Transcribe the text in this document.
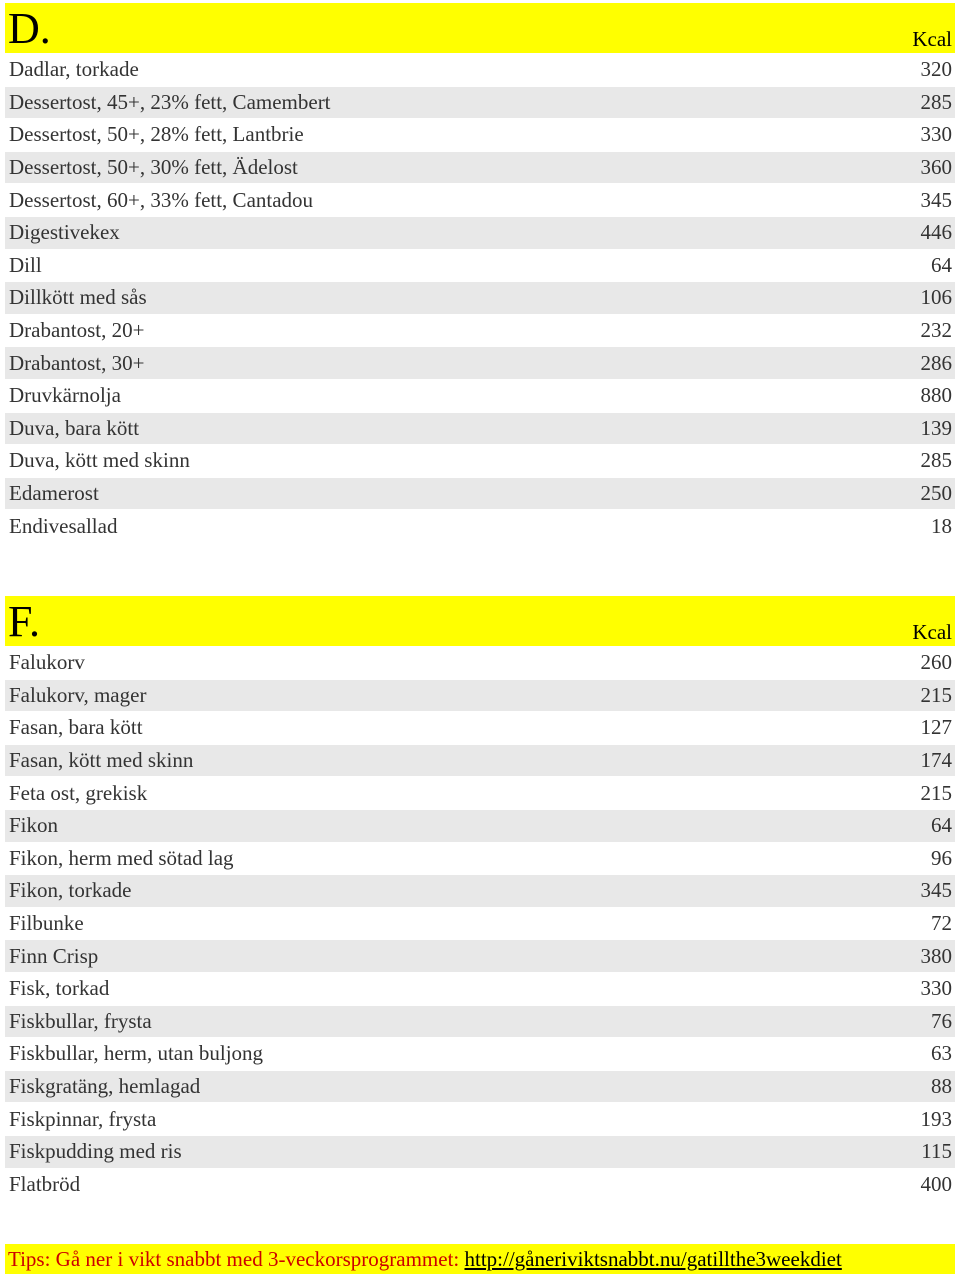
D.	Kcal
Dadlar, torkade	320
Dessertost, 45+, 23% fett, Camembert	285
Dessertost, 50+, 28% fett, Lantbrie	330
Dessertost, 50+, 30% fett, Ädelost	360
Dessertost, 60+, 33% fett, Cantadou	345
Digestivekex	446
Dill	64
Dillkött med sås	106
Drabantost, 20+	232
Drabantost, 30+	286
Druvkärnolja	880
Duva, bara kött	139
Duva, kött med skinn	285
Edamerost	250
Endivesallad	18
F.	Kcal
Falukorv	260
Falukorv, mager	215
Fasan, bara kött	127
Fasan, kött med skinn	174
Feta ost, grekisk	215
Fikon	64
Fikon, herm med sötad lag	96
Fikon, torkade	345
Filbunke	72
Finn Crisp	380
Fisk, torkad	330
Fiskbullar, frysta	76
Fiskbullar, herm, utan buljong	63
Fiskgratäng, hemlagad	88
Fiskpinnar, frysta	193
Fiskpudding med ris	115
Flatbröd	400
Tips: Gå ner i vikt snabbt med 3-veckorsprogrammet: http://gåneriviktsnabbt.nu/gatillthe3weekdiet
